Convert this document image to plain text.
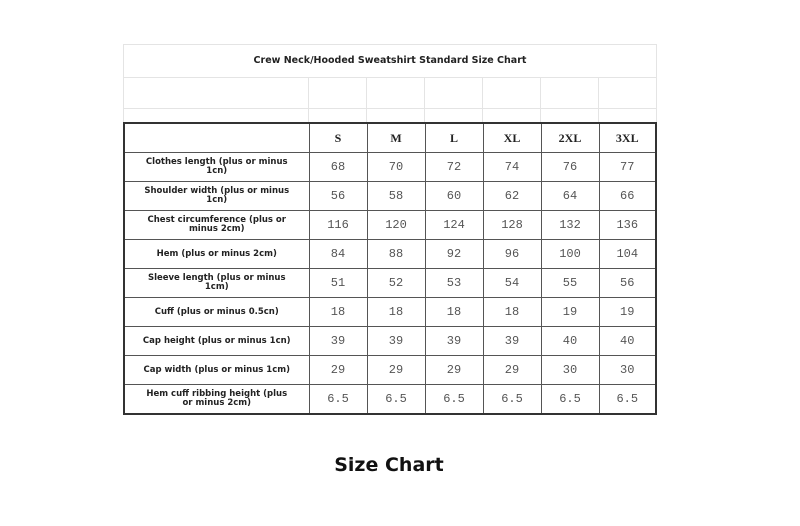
Crew Neck/Hooded Sweatshirt Standard Size Chart
	S	M	L	XL	2XL	3XL
Clothes length (plus or minus 1cn)	68	70	72	74	76	77
Shoulder width (plus or minus 1cn)	56	58	60	62	64	66
Chest circumference (plus or minus 2cm)	116	120	124	128	132	136
Hem (plus or minus 2cm)	84	88	92	96	100	104
Sleeve length (plus or minus 1cm)	51	52	53	54	55	56
Cuff (plus or minus 0.5cn)	18	18	18	18	19	19
Cap height (plus or minus 1cn)	39	39	39	39	40	40
Cap width (plus or minus 1cm)	29	29	29	29	30	30
Hem cuff ribbing height (plus or minus 2cm)	6.5	6.5	6.5	6.5	6.5	6.5
Size Chart
